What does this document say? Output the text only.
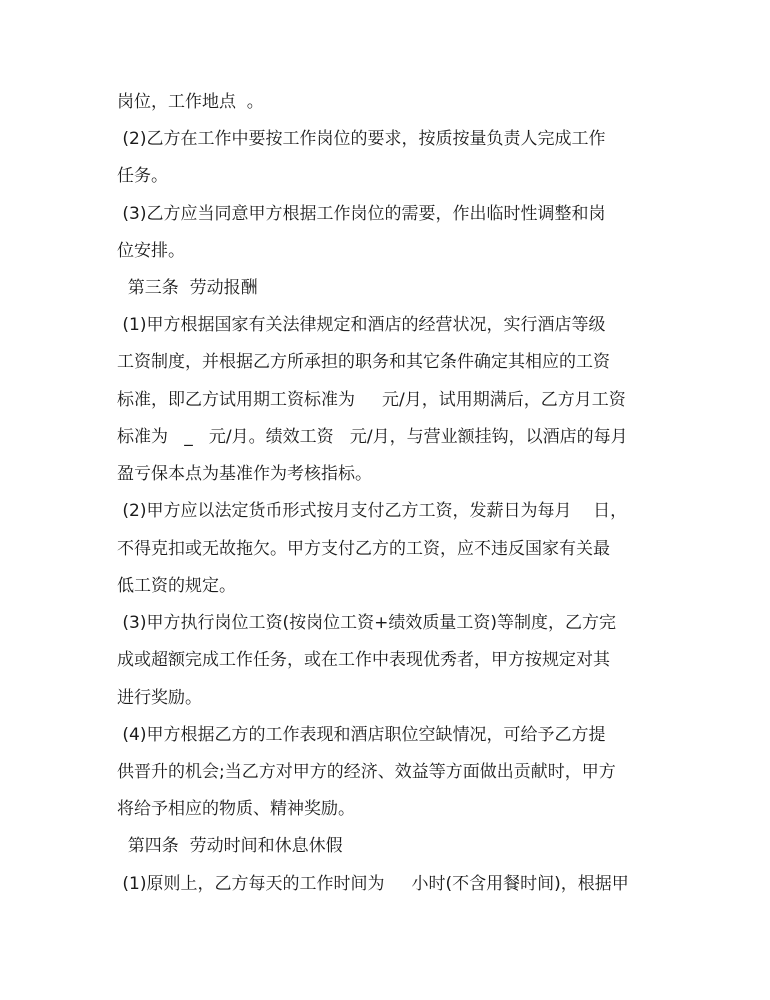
岗位，工作地点  。

(2)乙方在工作中要按工作岗位的要求，按质按量负责人完成工作

任务。

(3)乙方应当同意甲方根据工作岗位的需要，作出临时性调整和岗

位安排。

第三条  劳动报酬

(1)甲方根据国家有关法律规定和酒店的经营状况，实行酒店等级

工资制度，并根据乙方所承担的职务和其它条件确定其相应的工资

标准，即乙方试用期工资标准为     元/月，试用期满后，乙方月工资

标准为   _   元/月。绩效工资   元/月，与营业额挂钩，以酒店的每月

盈亏保本点为基准作为考核指标。

(2)甲方应以法定货币形式按月支付乙方工资，发薪日为每月    日，

不得克扣或无故拖欠。甲方支付乙方的工资，应不违反国家有关最

低工资的规定。

(3)甲方执行岗位工资(按岗位工资+绩效质量工资)等制度，乙方完

成或超额完成工作任务，或在工作中表现优秀者，甲方按规定对其

进行奖励。

(4)甲方根据乙方的工作表现和酒店职位空缺情况，可给予乙方提

供晋升的机会;当乙方对甲方的经济、效益等方面做出贡献时，甲方

将给予相应的物质、精神奖励。

第四条  劳动时间和休息休假

(1)原则上，乙方每天的工作时间为     小时(不含用餐时间)，根据甲
